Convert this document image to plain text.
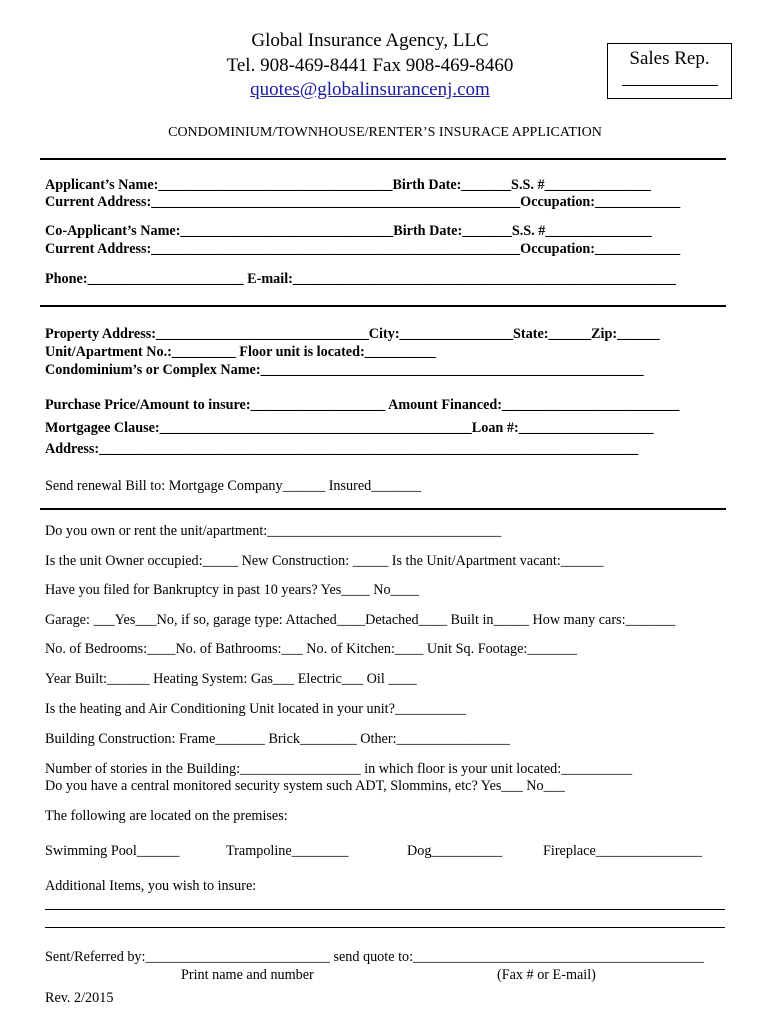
Global Insurance Agency, LLC
Tel. 908-469-8441 Fax 908-469-8460
quotes@globalinsurancenj.com
Sales Rep.
CONDOMINIUM/TOWNHOUSE/RENTER’S INSURACE APPLICATION
Applicant’s Name:_________________________________Birth Date:_______S.S. #_______________
Current Address:____________________________________________________Occupation:____________
Co-Applicant’s Name:______________________________Birth Date:_______S.S. #_______________
Current Address:____________________________________________________Occupation:____________
Phone:______________________ E-mail:______________________________________________________
Property Address:______________________________City:________________State:______Zip:______
Unit/Apartment No.:_________ Floor unit is located:__________
Condominium’s or Complex Name:______________________________________________________
Purchase Price/Amount to insure:___________________ Amount Financed:_________________________
Mortgagee Clause:____________________________________________Loan #:___________________
Address:____________________________________________________________________________
Send renewal Bill to: Mortgage Company______ Insured_______
Do you own or rent the unit/apartment:_________________________________
Is the unit Owner occupied:_____ New Construction: _____ Is the Unit/Apartment vacant:______
Have you filed for Bankruptcy in past 10 years? Yes____ No____
Garage: ___Yes___No, if so, garage type: Attached____Detached____ Built in_____ How many cars:_______
No. of Bedrooms:____No. of Bathrooms:___ No. of Kitchen:____ Unit Sq. Footage:_______
Year Built:______ Heating System: Gas___ Electric___ Oil ____
Is the heating and Air Conditioning Unit located in your unit?__________
Building Construction: Frame_______ Brick________ Other:________________
Number of stories in the Building:_________________ in which floor is your unit located:__________
Do you have a central monitored security system such ADT, Slommins, etc? Yes___ No___
The following are located on the premises:
Swimming Pool______	Trampoline________	Dog__________	Fireplace_______________
Additional Items, you wish to insure:
Sent/Referred by:__________________________ send quote to:_________________________________________
Print name and number	(Fax # or E-mail)
Rev. 2/2015
